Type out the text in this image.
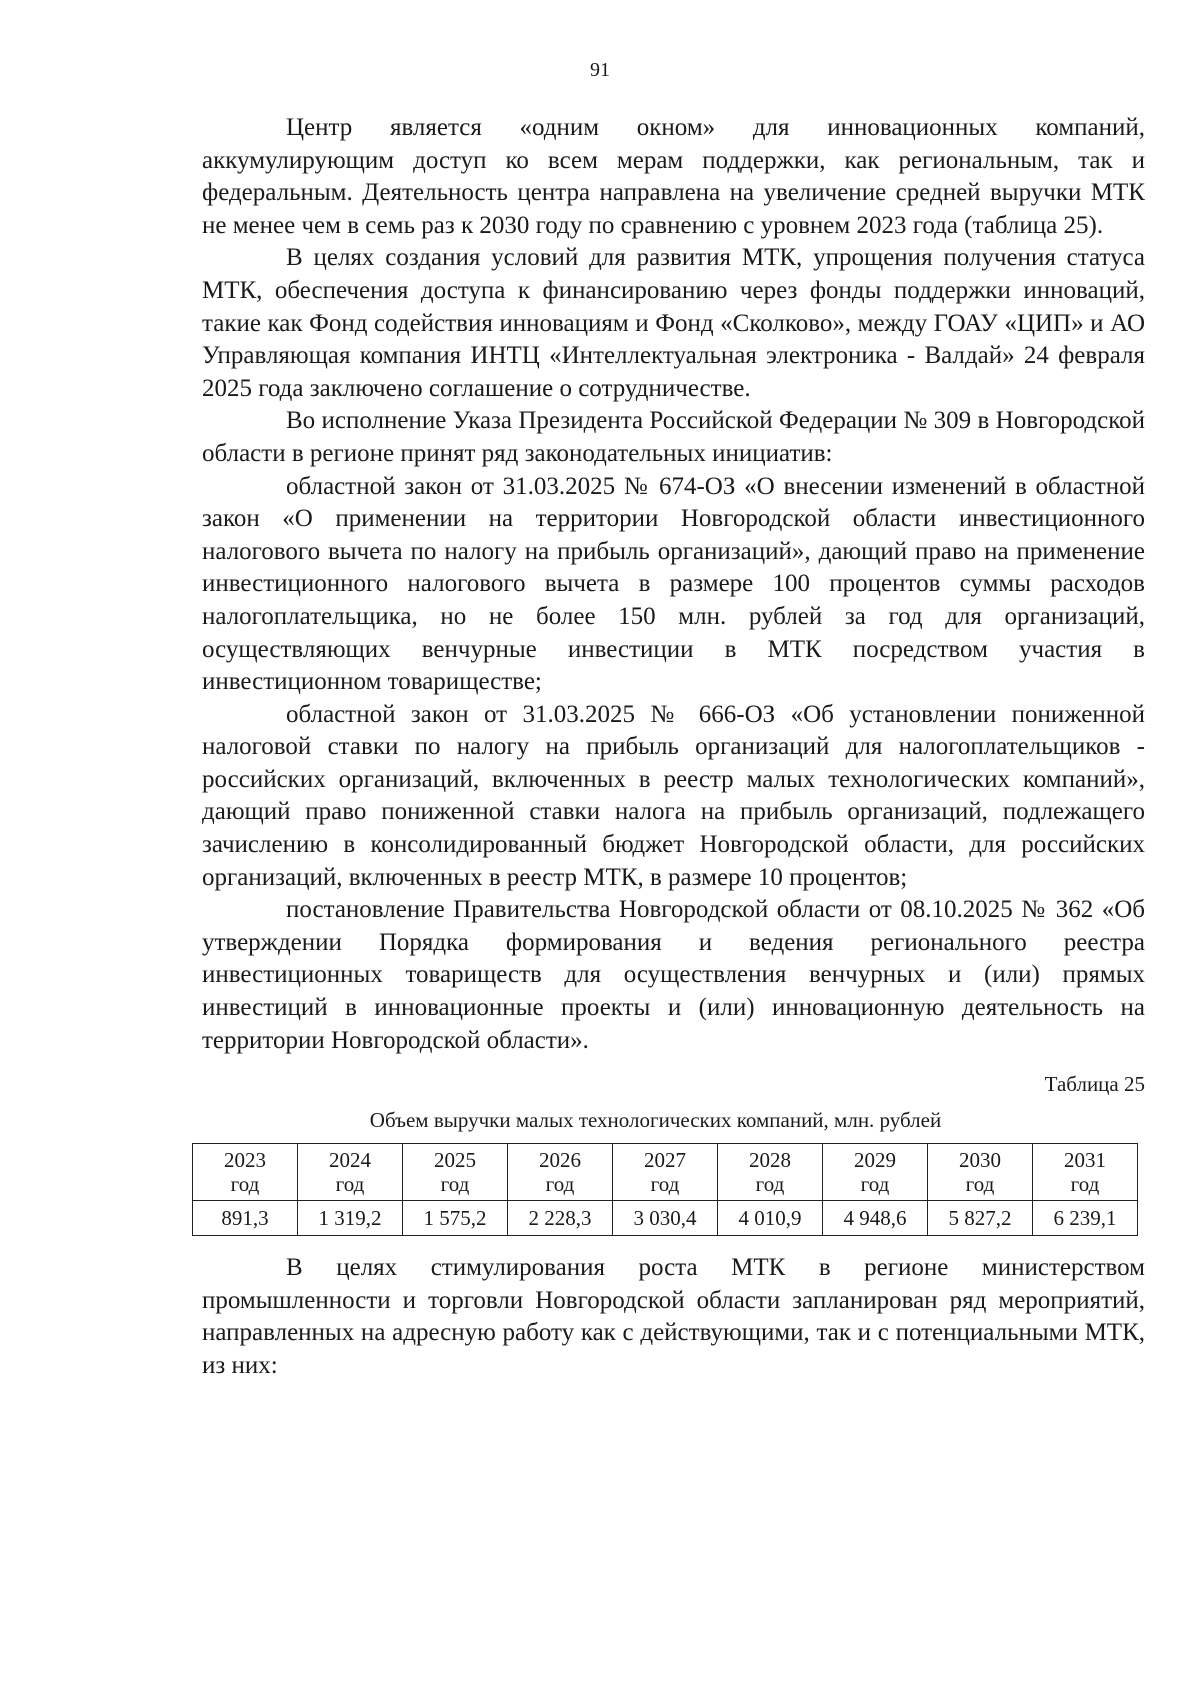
91

Центр является «одним окном» для инновационных компаний, аккумулирующим доступ ко всем мерам поддержки, как региональным, так и федеральным. Деятельность центра направлена на увеличение средней выручки МТК не менее чем в семь раз к 2030 году по сравнению с уровнем 2023 года (таблица 25).

В целях создания условий для развития МТК, упрощения получения статуса МТК, обеспечения доступа к финансированию через фонды поддержки инноваций, такие как Фонд содействия инновациям и Фонд «Сколково», между ГОАУ «ЦИП» и АО Управляющая компания ИНТЦ «Интеллектуальная электроника - Валдай» 24 февраля 2025 года заключено соглашение о сотрудничестве.

Во исполнение Указа Президента Российской Федерации № 309 в Новгородской области в регионе принят ряд законодательных инициатив:

областной закон от 31.03.2025 № 674-ОЗ «О внесении изменений в областной закон «О применении на территории Новгородской области инвестиционного налогового вычета по налогу на прибыль организаций», дающий право на применение инвестиционного налогового вычета в размере 100 процентов суммы расходов налогоплательщика, но не более 150 млн. рублей за год для организаций, осуществляющих венчурные инвестиции в МТК посредством участия в инвестиционном товариществе;

областной закон от 31.03.2025 № 666-ОЗ «Об установлении пониженной налоговой ставки по налогу на прибыль организаций для налогоплательщиков - российских организаций, включенных в реестр малых технологических компаний», дающий право пониженной ставки налога на прибыль организаций, подлежащего зачислению в консолидированный бюджет Новгородской области, для российских организаций, включенных в реестр МТК, в размере 10 процентов;

постановление Правительства Новгородской области от 08.10.2025 № 362 «Об утверждении Порядка формирования и ведения регионального реестра инвестиционных товариществ для осуществления венчурных и (или) прямых инвестиций в инновационные проекты и (или) инновационную деятельность на территории Новгородской области».

Таблица 25
Объем выручки малых технологических компаний, млн. рублей
2023
год	2024
год	2025
год	2026
год	2027
год	2028
год	2029
год	2030
год	2031
год

891,3	1 319,2	1 575,2	2 228,3	3 030,4	4 010,9	4 948,6	5 827,2	6 239,1

В целях стимулирования роста МТК в регионе министерством промышленности и торговли Новгородской области запланирован ряд мероприятий, направленных на адресную работу как с действующими, так и с потенциальными МТК, из них:
